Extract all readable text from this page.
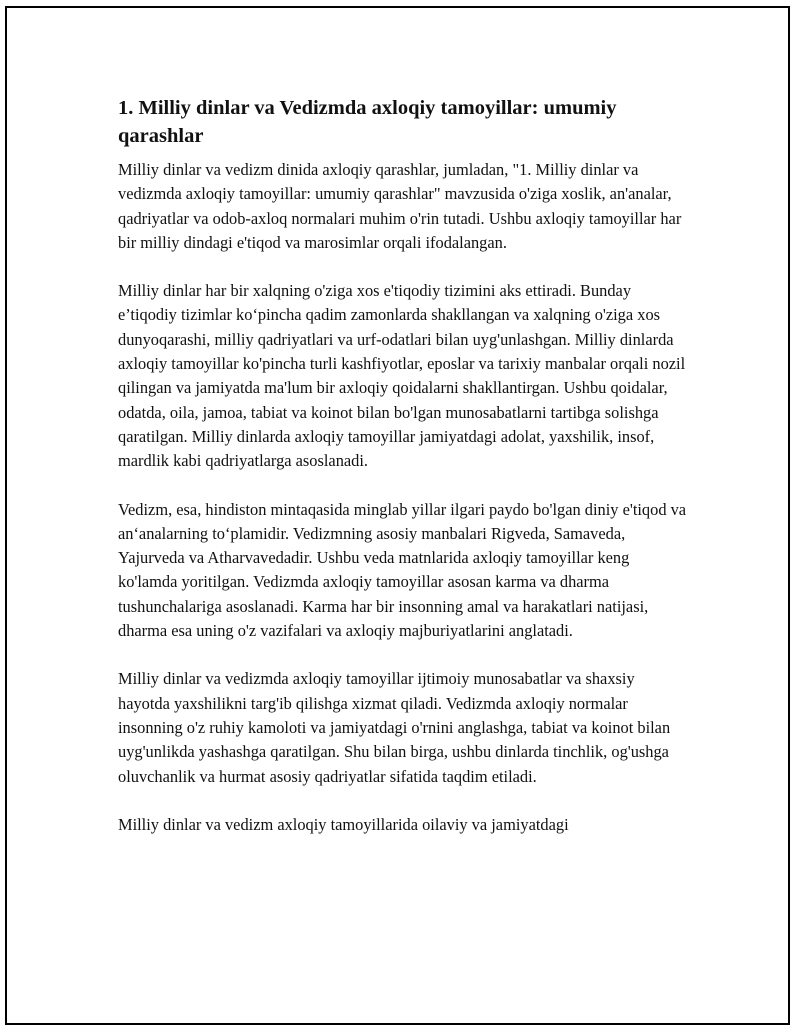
1. Milliy dinlar va Vedizmda axloqiy tamoyillar: umumiy qarashlar

Milliy dinlar va vedizm dinida axloqiy qarashlar, jumladan, "1. Milliy dinlar va vedizmda axloqiy tamoyillar: umumiy qarashlar" mavzusida o'ziga xoslik, an'analar, qadriyatlar va odob-axloq normalari muhim o'rin tutadi. Ushbu axloqiy tamoyillar har bir milliy dindagi e'tiqod va marosimlar orqali ifodalangan.

Milliy dinlar har bir xalqning o'ziga xos e'tiqodiy tizimini aks ettiradi. Bunday e’tiqodiy tizimlar ko‘pincha qadim zamonlarda shakllangan va xalqning o'ziga xos dunyoqarashi, milliy qadriyatlari va urf-odatlari bilan uyg'unlashgan. Milliy dinlarda axloqiy tamoyillar ko'pincha turli kashfiyotlar, eposlar va tarixiy manbalar orqali nozil qilingan va jamiyatda ma'lum bir axloqiy qoidalarni shakllantirgan. Ushbu qoidalar, odatda, oila, jamoa, tabiat va koinot bilan bo'lgan munosabatlarni tartibga solishga qaratilgan. Milliy dinlarda axloqiy tamoyillar jamiyatdagi adolat, yaxshilik, insof, mardlik kabi qadriyatlarga asoslanadi.

Vedizm, esa, hindiston mintaqasida minglab yillar ilgari paydo bo'lgan diniy e'tiqod va an‘analarning to‘plamidir. Vedizmning asosiy manbalari Rigveda, Samaveda, Yajurveda va Atharvavedadir. Ushbu veda matnlarida axloqiy tamoyillar keng ko'lamda yoritilgan. Vedizmda axloqiy tamoyillar asosan karma va dharma tushunchalariga asoslanadi. Karma har bir insonning amal va harakatlari natijasi, dharma esa uning o'z vazifalari va axloqiy majburiyatlarini anglatadi.

Milliy dinlar va vedizmda axloqiy tamoyillar ijtimoiy munosabatlar va shaxsiy hayotda yaxshilikni targ'ib qilishga xizmat qiladi. Vedizmda axloqiy normalar insonning o'z ruhiy kamoloti va jamiyatdagi o'rnini anglashga, tabiat va koinot bilan uyg'unlikda yashashga qaratilgan. Shu bilan birga, ushbu dinlarda tinchlik, og'ushga oluvchanlik va hurmat asosiy qadriyatlar sifatida taqdim etiladi.

Milliy dinlar va vedizm axloqiy tamoyillarida oilaviy va jamiyatdagi
